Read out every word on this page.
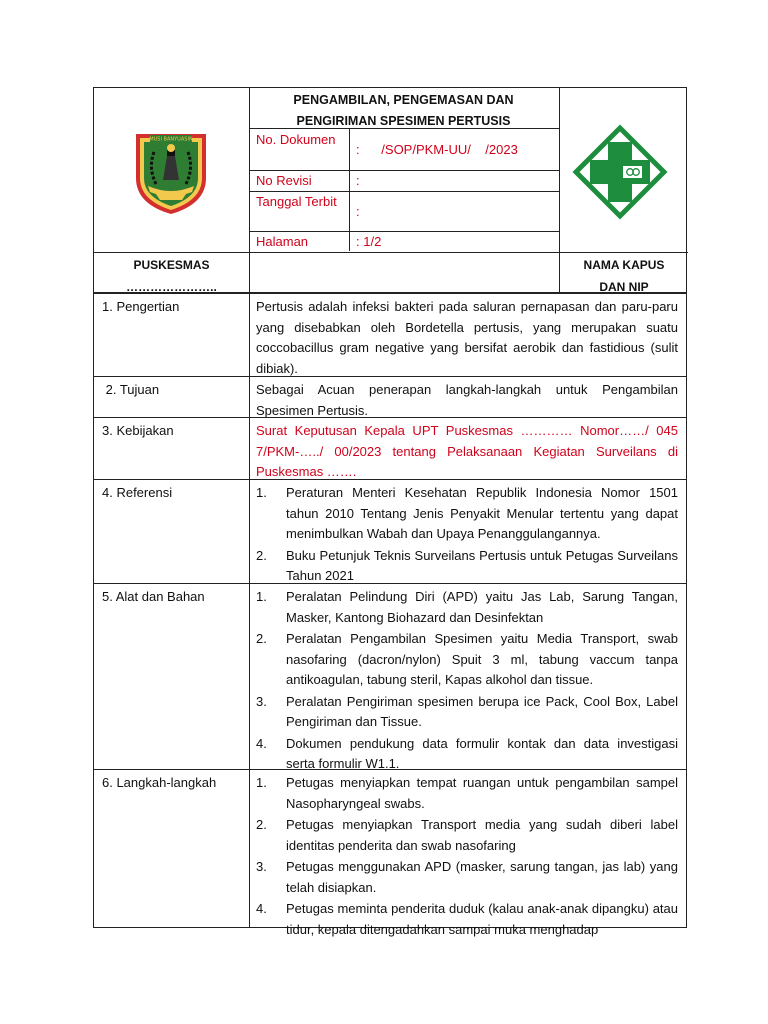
MUSI BANYUASIN
PENGAMBILAN, PENGEMASAN DAN
PENGIRIMAN SPESIMEN PERTUSIS
No. Dokumen
:      /SOP/PKM-UU/    /2023
No Revisi	:
Tanggal Terbit
:
Halaman	: 1/2
PUSKESMAS
…………………..
NAMA KAPUS
DAN NIP
1. Pengertian	Pertusis adalah infeksi bakteri pada saluran pernapasan dan paru-paru yang disebabkan oleh Bordetella pertusis, yang merupakan suatu coccobacillus gram negative yang bersifat aerobik dan fastidious (sulit dibiak).
2. Tujuan	Sebagai Acuan penerapan langkah-langkah untuk Pengambilan Spesimen Pertusis.
3. Kebijakan	Surat Keputusan Kepala UPT Puskesmas ………… Nomor……/ 045 7/PKM-…../ 00/2023 tentang Pelaksanaan Kegiatan Surveilans di Puskesmas …….
4. Referensi	1. Peraturan Menteri Kesehatan Republik Indonesia Nomor 1501 tahun 2010 Tentang Jenis Penyakit Menular tertentu yang dapat menimbulkan Wabah dan Upaya Penanggulangannya.
2. Buku Petunjuk Teknis Surveilans Pertusis untuk Petugas Surveilans Tahun 2021
5. Alat dan Bahan	1. Peralatan Pelindung Diri (APD) yaitu Jas Lab, Sarung Tangan, Masker, Kantong Biohazard dan Desinfektan
2. Peralatan Pengambilan Spesimen yaitu Media Transport, swab nasofaring (dacron/nylon) Spuit 3 ml, tabung vaccum tanpa antikoagulan, tabung steril, Kapas alkohol dan tissue.
3. Peralatan Pengiriman spesimen berupa ice Pack, Cool Box, Label Pengiriman dan Tissue.
4. Dokumen pendukung data formulir kontak dan data investigasi serta formulir W1.1.
6. Langkah-langkah	1. Petugas menyiapkan tempat ruangan untuk pengambilan sampel Nasopharyngeal swabs.
2. Petugas menyiapkan Transport media yang sudah diberi label identitas penderita dan swab nasofaring
3. Petugas menggunakan APD (masker, sarung tangan, jas lab) yang telah disiapkan.
4. Petugas meminta penderita duduk (kalau anak-anak dipangku) atau tidur, kepala ditengadahkan sampai muka menghadap
